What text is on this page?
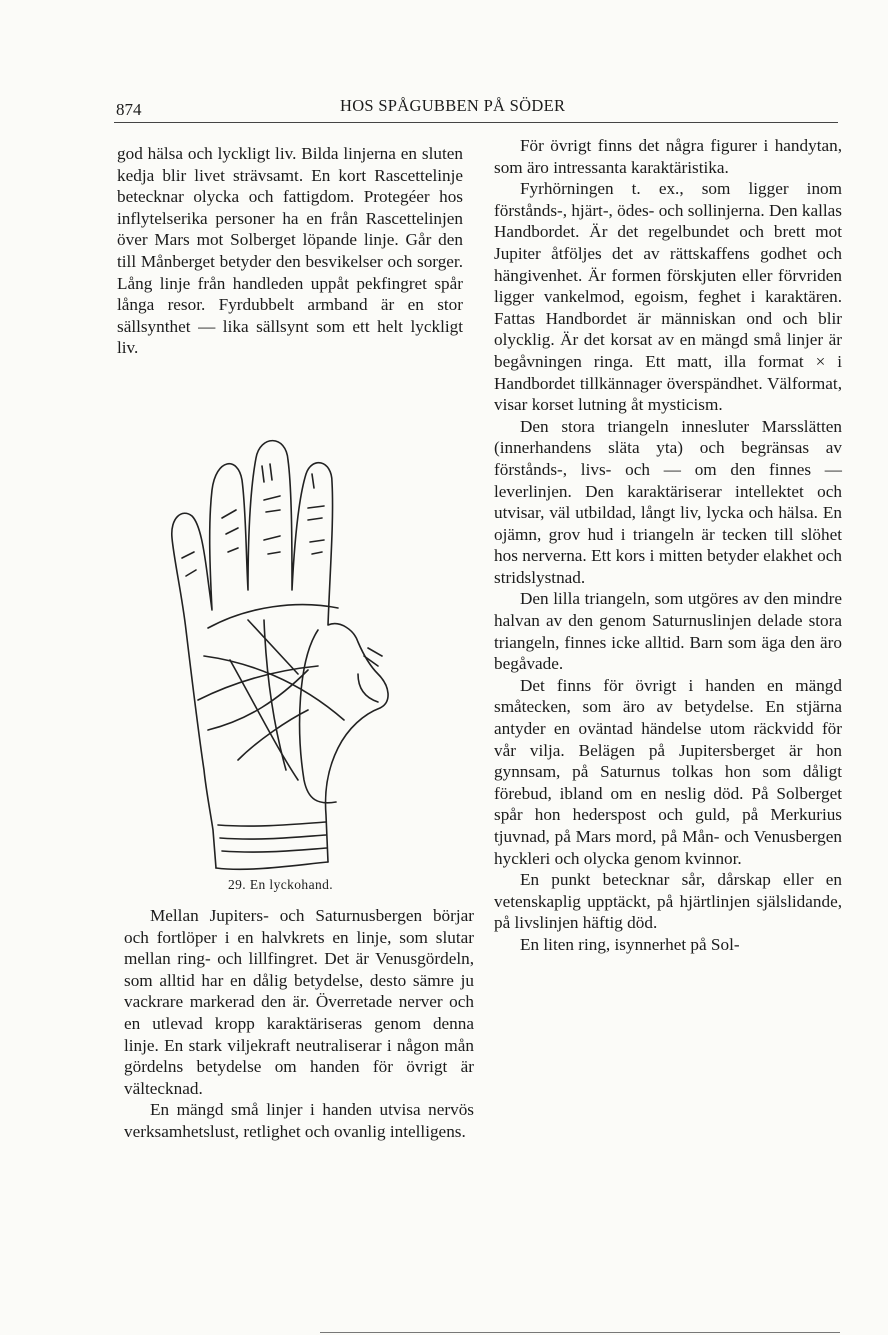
874	HOS SPÅGUBBEN PÅ SÖDER

god hälsa och lyckligt liv. Bilda linjerna en sluten kedja blir livet strävsamt. En kort Rascettelinje betecknar olycka och fattigdom. Protegéer hos inflytelserika personer ha en från Rascettelinjen över Mars mot Solberget löpande linje. Går den till Månberget betyder den besvikelser och sorger. Lång linje från handleden uppåt pekfingret spår långa resor. Fyrdubbelt armband är en stor sällsynthet — lika sällsynt som ett helt lyckligt liv.

29. En lyckohand.

Mellan Jupiters- och Saturnusbergen börjar och fortlöper i en halvkrets en linje, som slutar mellan ring- och lillfingret. Det är Venusgördeln, som alltid har en dålig betydelse, desto sämre ju vackrare markerad den är. Överretade nerver och en utlevad kropp karaktäriseras genom denna linje. En stark viljekraft neutraliserar i någon mån gördelns betydelse om handen för övrigt är vältecknad.

En mängd små linjer i handen utvisa nervös verksamhetslust, retlighet och ovanlig intelligens.

För övrigt finns det några figurer i handytan, som äro intressanta karaktäristika.

Fyrhörningen t. ex., som ligger inom förstånds-, hjärt-, ödes- och sollinjerna. Den kallas Handbordet. Är det regelbundet och brett mot Jupiter åtföljes det av rättskaffens godhet och hängivenhet. Är formen förskjuten eller förvriden ligger vankelmod, egoism, feghet i karaktären. Fattas Handbordet är människan ond och blir olycklig. Är det korsat av en mängd små linjer är begåvningen ringa. Ett matt, illa format × i Handbordet tillkännager överspändhet. Välformat, visar korset lutning åt mysticism.

Den stora triangeln innesluter Marsslätten (innerhandens släta yta) och begränsas av förstånds-, livs- och — om den finnes — leverlinjen. Den karaktäriserar intellektet och utvisar, väl utbildad, långt liv, lycka och hälsa. En ojämn, grov hud i triangeln är tecken till slöhet hos nerverna. Ett kors i mitten betyder elakhet och stridslystnad.

Den lilla triangeln, som utgöres av den mindre halvan av den genom Saturnuslinjen delade stora triangeln, finnes icke alltid. Barn som äga den äro begåvade.

Det finns för övrigt i handen en mängd småtecken, som äro av betydelse. En stjärna antyder en oväntad händelse utom räckvidd för vår vilja. Belägen på Jupitersberget är hon gynnsam, på Saturnus tolkas hon som dåligt förebud, ibland om en neslig död. På Solberget spår hon hederspost och guld, på Merkurius tjuvnad, på Mars mord, på Mån- och Venusbergen hyckleri och olycka genom kvinnor.

En punkt betecknar sår, dårskap eller en vetenskaplig upptäckt, på hjärtlinjen själslidande, på livslinjen häftig död.

En liten ring, isynnerhet på Sol-
